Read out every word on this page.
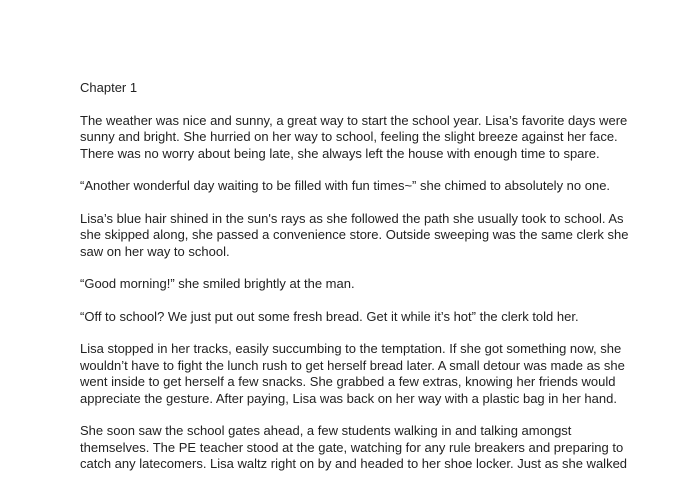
Chapter 1
The weather was nice and sunny, a great way to start the school year. Lisa’s favorite days were
sunny and bright. She hurried on her way to school, feeling the slight breeze against her face.
There was no worry about being late, she always left the house with enough time to spare.
“Another wonderful day waiting to be filled with fun times~” she chimed to absolutely no one.
Lisa’s blue hair shined in the sun's rays as she followed the path she usually took to school. As
she skipped along, she passed a convenience store. Outside sweeping was the same clerk she
saw on her way to school.
“Good morning!” she smiled brightly at the man.
“Off to school? We just put out some fresh bread. Get it while it’s hot” the clerk told her.
Lisa stopped in her tracks, easily succumbing to the temptation. If she got something now, she
wouldn’t have to fight the lunch rush to get herself bread later. A small detour was made as she
went inside to get herself a few snacks. She grabbed a few extras, knowing her friends would
appreciate the gesture. After paying, Lisa was back on her way with a plastic bag in her hand.
She soon saw the school gates ahead, a few students walking in and talking amongst
themselves. The PE teacher stood at the gate, watching for any rule breakers and preparing to
catch any latecomers. Lisa waltz right on by and headed to her shoe locker. Just as she walked
